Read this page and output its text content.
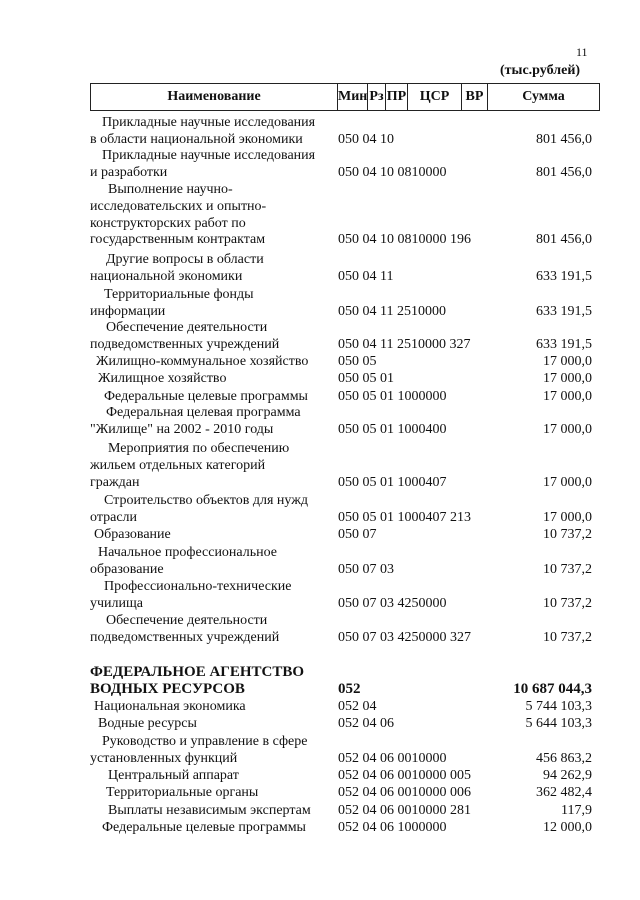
11
(тыс.рублей)
Наименование	Мин Рз ПР ЦСР	ВР	Сумма
Прикладные научные исследования
в области национальной экономики	050 04 10	801 456,0
Прикладные научные исследования
и разработки	050 04 10 0810000	801 456,0
Выполнение научно-
исследовательских и опытно-
конструкторских работ по
государственным контрактам	050 04 10 0810000 196	801 456,0
Другие вопросы в области
национальной экономики	050 04 11	633 191,5
Территориальные фонды
информации	050 04 11 2510000	633 191,5
Обеспечение деятельности
подведомственных учреждений	050 04 11 2510000 327	633 191,5
Жилищно-коммунальное хозяйство 050 05	17 000,0
Жилищное хозяйство	050 05 01	17 000,0
Федеральные целевые программы 050 05 01 1000000	17 000,0
Федеральная целевая программа
"Жилище" на 2002 - 2010 годы	050 05 01 1000400	17 000,0
Мероприятия по обеспечению
жильем отдельных категорий
граждан	050 05 01 1000407	17 000,0
Строительство объектов для нужд
отрасли	050 05 01 1000407 213	17 000,0
Образование	050 07	10 737,2
Начальное профессиональное
образование	050 07 03	10 737,2
Профессионально-технические
училища	050 07 03 4250000	10 737,2
Обеспечение деятельности
подведомственных учреждений	050 07 03 4250000 327	10 737,2
ФЕДЕРАЛЬНОЕ АГЕНТСТВО
ВОДНЫХ РЕСУРСОВ	052	10 687 044,3
Национальная экономика	052 04	5 744 103,3
Водные ресурсы	052 04 06	5 644 103,3
Руководство и управление в сфере
установленных функций	052 04 06 0010000	456 863,2
Центральный аппарат	052 04 06 0010000 005	94 262,9
Территориальные органы	052 04 06 0010000 006	362 482,4
Выплаты независимым экспертам 052 04 06 0010000 281	117,9
Федеральные целевые программы 052 04 06 1000000	12 000,0
